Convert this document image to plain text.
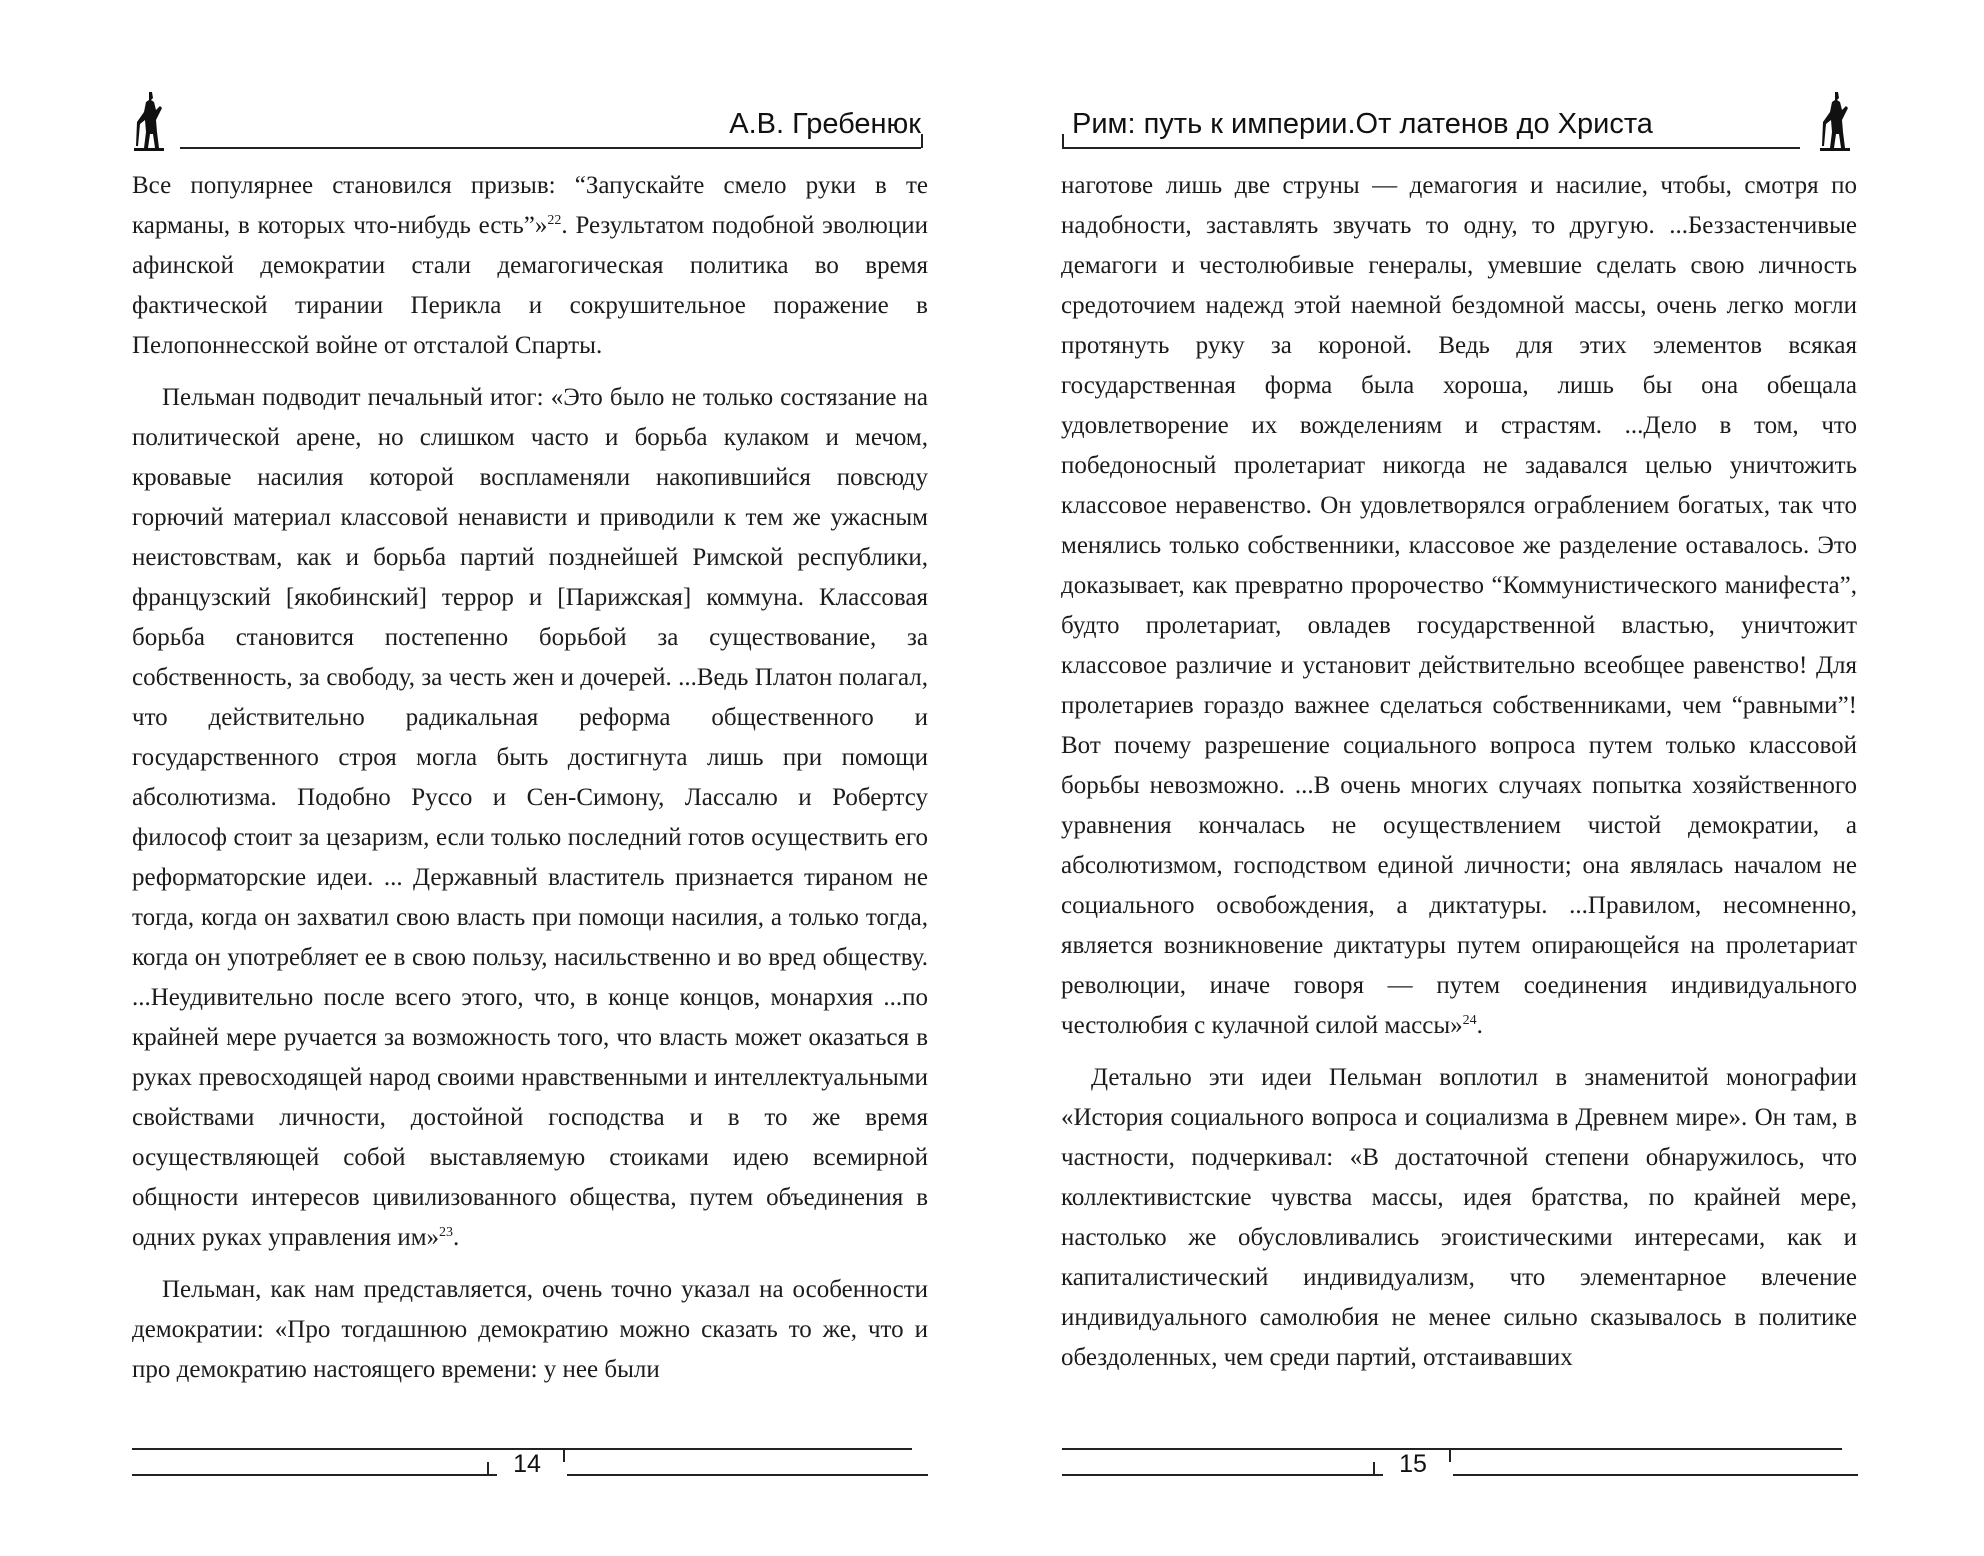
А.В. Гребенюк

Все популярнее становился призыв: “Запускайте смело руки в те карманы, в которых что-нибудь есть”»$^{22}$. Результатом подобной эволюции афинской демократии стали демагогическая политика во время фактической тирании Перикла и сокрушительное поражение в Пелопоннесской войне от отсталой Спарты.

Пельман подводит печальный итог: «Это было не только состязание на политической арене, но слишком часто и борьба кулаком и мечом, кровавые насилия которой воспламеняли накопившийся повсюду горючий материал классовой ненависти и приводили к тем же ужасным неистовствам, как и борьба партий позднейшей Римской республики, французский [якобинский] террор и [Парижская] коммуна. Классовая борьба становится постепенно борьбой за существование, за собственность, за свободу, за честь жен и дочерей. ...Ведь Платон полагал, что действительно радикальная реформа общественного и государственного строя могла быть достигнута лишь при помощи абсолютизма. Подобно Руссо и Сен-Симону, Лассалю и Робертсу философ стоит за цезаризм, если только последний готов осуществить его реформаторские идеи. ... Державный властитель признается тираном не тогда, когда он захватил свою власть при помощи насилия, а только тогда, когда он употребляет ее в свою пользу, насильственно и во вред обществу. ...Неудивительно после всего этого, что, в конце концов, монархия ...по крайней мере ручается за возможность того, что власть может оказаться в руках превосходящей народ своими нравственными и интеллектуальными свойствами личности, достойной господства и в то же время осуществляющей собой выставляемую стоиками идею всемирной общности интересов цивилизованного общества, путем объединения в одних руках управления им»$^{23}$.

Пельман, как нам представляется, очень точно указал на особенности демократии: «Про тогдашнюю демократию можно сказать то же, что и про демократию настоящего времени: у нее были

14
Рим: путь к империи.От латенов до Христа

наготове лишь две струны — демагогия и насилие, чтобы, смотря по надобности, заставлять звучать то одну, то другую. ...Беззастенчивые демагоги и честолюбивые генералы, умевшие сделать свою личность средоточием надежд этой наемной бездомной массы, очень легко могли протянуть руку за короной. Ведь для этих элементов всякая государственная форма была хороша, лишь бы она обещала удовлетворение их вожделениям и страстям. ...Дело в том, что победоносный пролетариат никогда не задавался целью уничтожить классовое неравенство. Он удовлетворялся ограблением богатых, так что менялись только собственники, классовое же разделение оставалось. Это доказывает, как превратно пророчество “Коммунистического манифеста”, будто пролетариат, овладев государственной властью, уничтожит классовое различие и установит действительно всеобщее равенство! Для пролетариев гораздо важнее сделаться собственниками, чем “равными”! Вот почему разрешение социального вопроса путем только классовой борьбы невозможно. ...В очень многих случаях попытка хозяйственного уравнения кончалась не осуществлением чистой демократии, а абсолютизмом, господством единой личности; она являлась началом не социального освобождения, а диктатуры. ...Правилом, несомненно, является возникновение диктатуры путем опирающейся на пролетариат революции, иначе говоря — путем соединения индивидуального честолюбия с кулачной силой массы»$^{24}$.

Детально эти идеи Пельман воплотил в знаменитой монографии «История социального вопроса и социализма в Древнем мире». Он там, в частности, подчеркивал: «В достаточной степени обнаружилось, что коллективистские чувства массы, идея братства, по крайней мере, настолько же обусловливались эгоистическими интересами, как и капиталистический индивидуализм, что элементарное влечение индивидуального самолюбия не менее сильно сказывалось в политике обездоленных, чем среди партий, отстаивавших

15
